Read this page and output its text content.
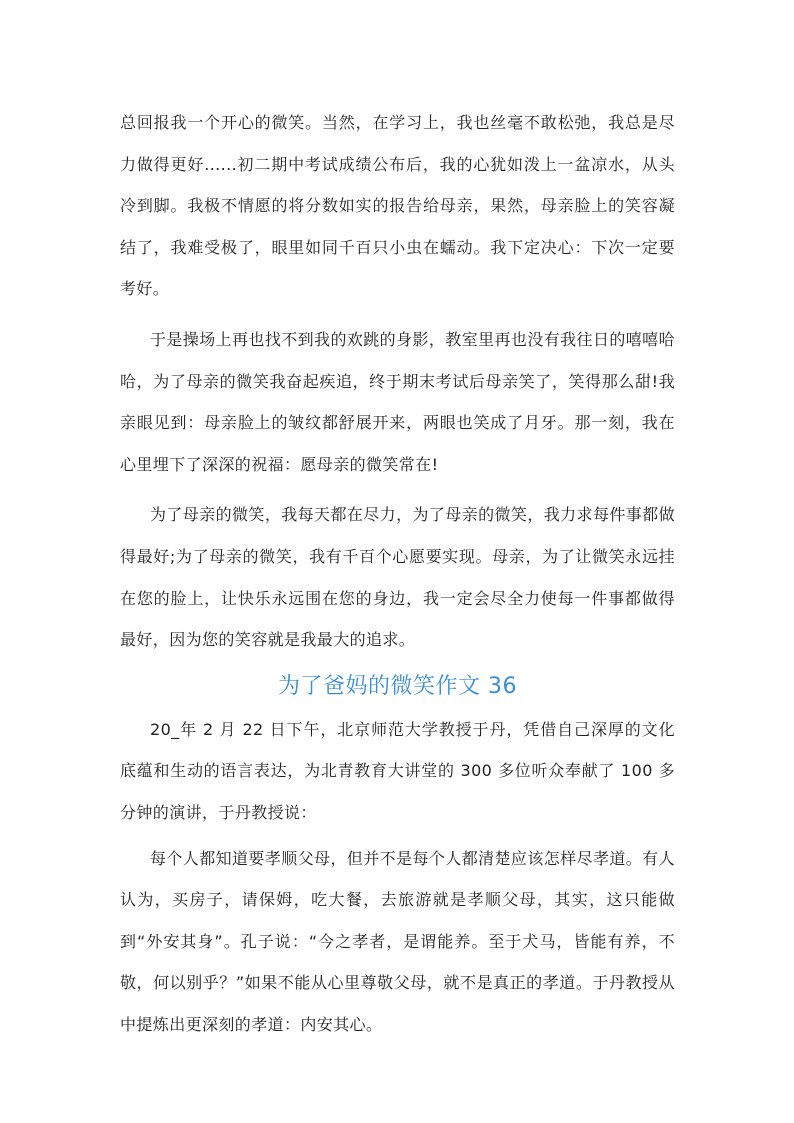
总回报我一个开心的微笑。当然，在学习上，我也丝毫不敢松弛，我总是尽力做得更好......初二期中考试成绩公布后，我的心犹如泼上一盆凉水，从头冷到脚。我极不情愿的将分数如实的报告给母亲，果然，母亲脸上的笑容凝结了，我难受极了，眼里如同千百只小虫在蠕动。我下定决心：下次一定要考好。

于是操场上再也找不到我的欢跳的身影，教室里再也没有我往日的嘻嘻哈哈，为了母亲的微笑我奋起疾追，终于期末考试后母亲笑了，笑得那么甜!我亲眼见到：母亲脸上的皱纹都舒展开来，两眼也笑成了月牙。那一刻，我在心里埋下了深深的祝福：愿母亲的微笑常在!

为了母亲的微笑，我每天都在尽力，为了母亲的微笑，我力求每件事都做得最好;为了母亲的微笑，我有千百个心愿要实现。母亲，为了让微笑永远挂在您的脸上，让快乐永远围在您的身边，我一定会尽全力使每一件事都做得最好，因为您的笑容就是我最大的追求。

为了爸妈的微笑作文 36

20_年 2 月 22 日下午，北京师范大学教授于丹，凭借自己深厚的文化底蕴和生动的语言表达，为北青教育大讲堂的 300 多位听众奉献了 100 多分钟的演讲，于丹教授说：

每个人都知道要孝顺父母，但并不是每个人都清楚应该怎样尽孝道。有人认为，买房子，请保姆，吃大餐，去旅游就是孝顺父母，其实，这只能做到“外安其身”。孔子说：“今之孝者，是谓能养。至于犬马，皆能有养，不敬，何以别乎？”如果不能从心里尊敬父母，就不是真正的孝道。于丹教授从中提炼出更深刻的孝道：内安其心。
